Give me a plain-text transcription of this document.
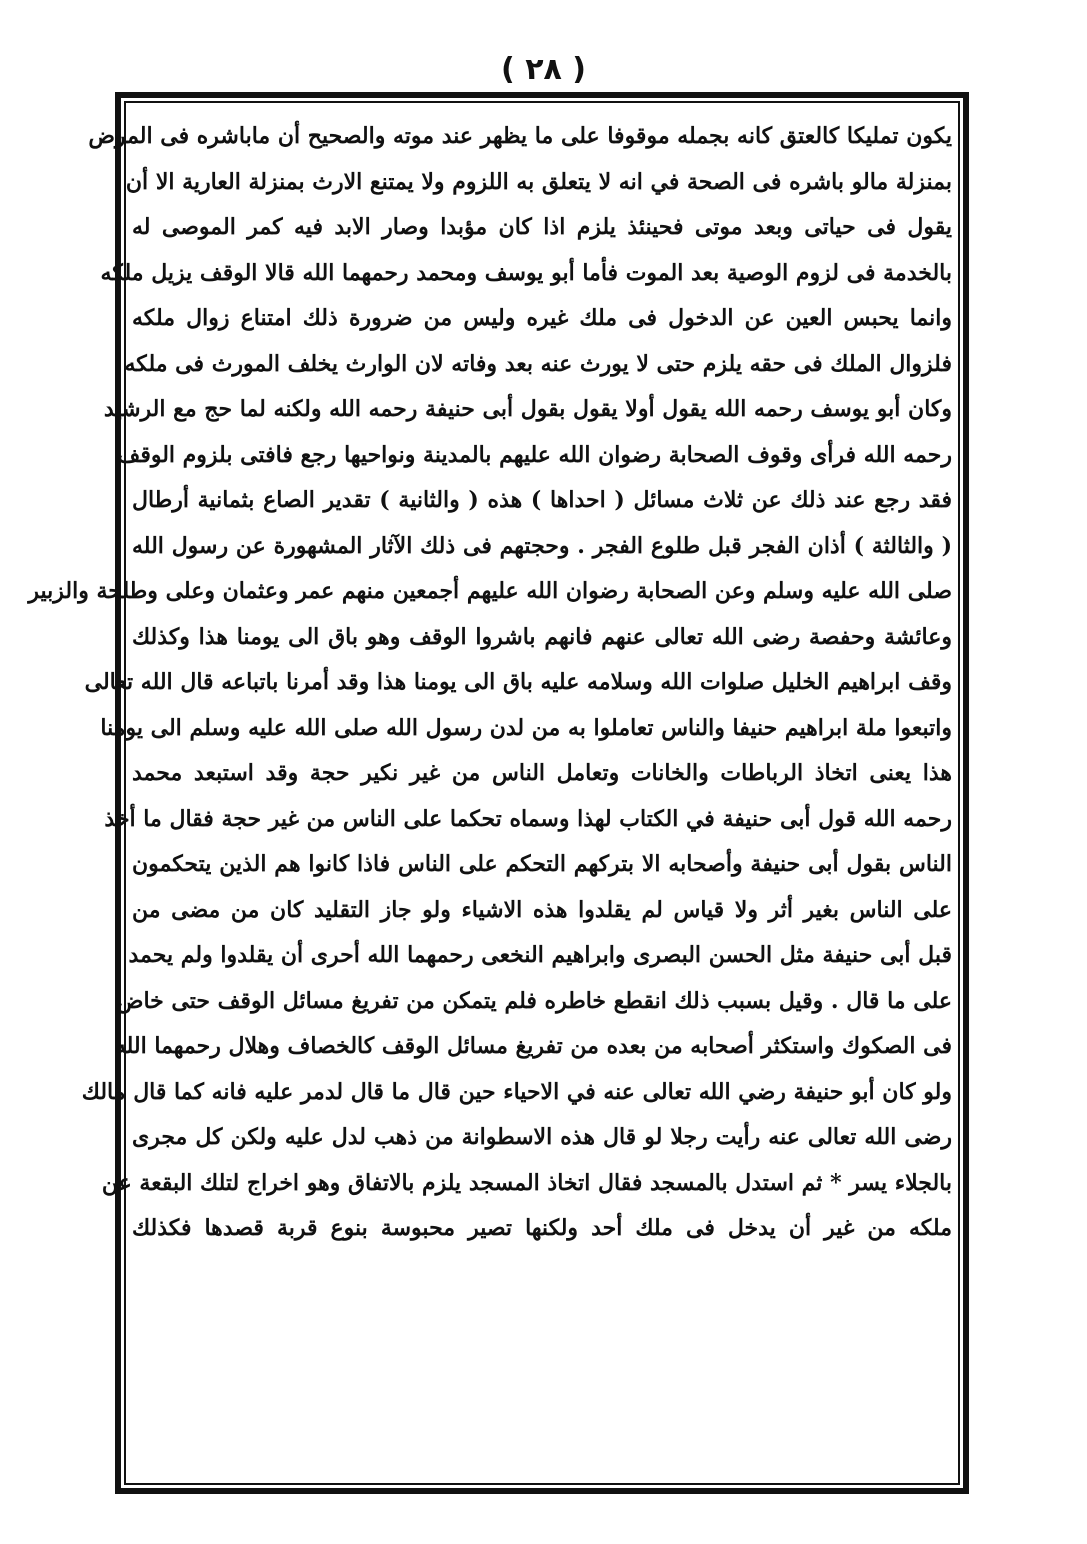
( ٢٨ )
يكون تمليكا كالعتق كانه بجمله موقوفا على ما يظهر عند موته والصحيح أن ماباشره فى المرض
بمنزلة مالو باشره فى الصحة في انه لا يتعلق به اللزوم ولا يمتنع الارث بمنزلة العارية الا أن
يقول فى حياتى وبعد موتى فحينئذ يلزم اذا كان مؤبدا وصار الابد فيه كمر الموصى له
بالخدمة فى لزوم الوصية بعد الموت فأما أبو يوسف ومحمد رحمهما الله قالا الوقف يزيل ملكه
وانما يحبس العين عن الدخول فى ملك غيره وليس من ضرورة ذلك امتناع زوال ملكه
فلزوال الملك فى حقه يلزم حتى لا يورث عنه بعد وفاته لان الوارث يخلف المورث فى ملكه
وكان أبو يوسف رحمه الله يقول أولا يقول بقول أبى حنيفة رحمه الله ولكنه لما حج مع الرشيد
رحمه الله فرأى وقوف الصحابة رضوان الله عليهم بالمدينة ونواحيها رجع فافتى بلزوم الوقف
فقد رجع عند ذلك عن ثلاث مسائل ( احداها ) هذه ( والثانية ) تقدير الصاع بثمانية أرطال
( والثالثة ) أذان الفجر قبل طلوع الفجر . وحجتهم فى ذلك الآثار المشهورة عن رسول الله
صلى الله عليه وسلم وعن الصحابة رضوان الله عليهم أجمعين منهم عمر وعثمان وعلى وطلحة والزبير
وعائشة وحفصة رضى الله تعالى عنهم فانهم باشروا الوقف وهو باق الى يومنا هذا وكذلك
وقف ابراهيم الخليل صلوات الله وسلامه عليه باق الى يومنا هذا وقد أمرنا باتباعه قال الله تعالى
واتبعوا ملة ابراهيم حنيفا والناس تعاملوا به من لدن رسول الله صلى الله عليه وسلم الى يومنا
هذا يعنى اتخاذ الرباطات والخانات وتعامل الناس من غير نكير حجة وقد استبعد محمد
رحمه الله قول أبى حنيفة في الكتاب لهذا وسماه تحكما على الناس من غير حجة فقال ما أخذ
الناس بقول أبى حنيفة وأصحابه الا بتركهم التحكم على الناس فاذا كانوا هم الذين يتحكمون
على الناس بغير أثر ولا قياس لم يقلدوا هذه الاشياء ولو جاز التقليد كان من مضى من
قبل أبى حنيفة مثل الحسن البصرى وابراهيم النخعى رحمهما الله أحرى أن يقلدوا ولم يحمد
على ما قال . وقيل بسبب ذلك انقطع خاطره فلم يتمكن من تفريغ مسائل الوقف حتى خاض
فى الصكوك واستكثر أصحابه من بعده من تفريغ مسائل الوقف كالخصاف وهلال رحمهما الله
ولو كان أبو حنيفة رضي الله تعالى عنه في الاحياء حين قال ما قال لدمر عليه فانه كما قال مالك
رضى الله تعالى عنه رأيت رجلا لو قال هذه الاسطوانة من ذهب لدل عليه ولكن كل مجرى
بالجلاء يسر * ثم استدل بالمسجد فقال اتخاذ المسجد يلزم بالاتفاق وهو اخراج لتلك البقعة عن
ملكه من غير أن يدخل فى ملك أحد ولكنها تصير محبوسة بنوع قربة قصدها فكذلك
